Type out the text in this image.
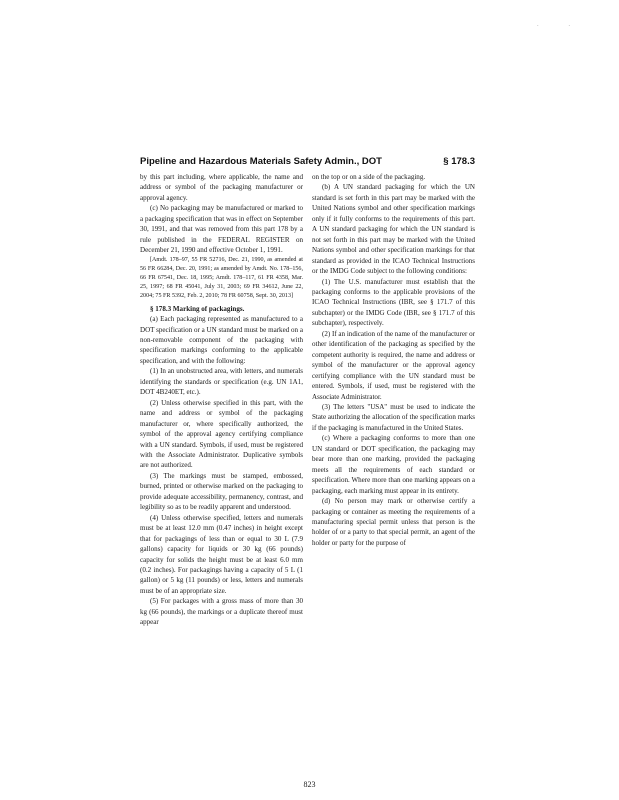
. .
Pipeline and Hazardous Materials Safety Admin., DOT	§ 178.3

by this part including, where applicable, the name and address or symbol of the packaging manufacturer or approval agency.

(c) No packaging may be manufactured or marked to a packaging specification that was in effect on September 30, 1991, and that was removed from this part 178 by a rule published in the FEDERAL REGISTER on December 21, 1990 and effective October 1, 1991.

[Amdt. 178–97, 55 FR 52716, Dec. 21, 1990, as amended at 56 FR 66284, Dec. 20, 1991; as amended by Amdt. No. 178–156, 66 FR 67541, Dec. 18, 1995; Amdt. 178–117, 61 FR 4358, Mar. 25, 1997; 68 FR 45041, July 31, 2003; 69 FR 34612, June 22, 2004; 75 FR 5392, Feb. 2, 2010; 78 FR 60758, Sept. 30, 2013]

§ 178.3 Marking of packagings.

(a) Each packaging represented as manufactured to a DOT specification or a UN standard must be marked on a non-removable component of the packaging with specification markings conforming to the applicable specification, and with the following:

(1) In an unobstructed area, with letters, and numerals identifying the standards or specification (e.g. UN 1A1, DOT 4B240ET, etc.).

(2) Unless otherwise specified in this part, with the name and address or symbol of the packaging manufacturer or, where specifically authorized, the symbol of the approval agency certifying compliance with a UN standard. Symbols, if used, must be registered with the Associate Administrator. Duplicative symbols are not authorized.

(3) The markings must be stamped, embossed, burned, printed or otherwise marked on the packaging to provide adequate accessibility, permanency, contrast, and legibility so as to be readily apparent and understood.

(4) Unless otherwise specified, letters and numerals must be at least 12.0 mm (0.47 inches) in height except that for packagings of less than or equal to 30 L (7.9 gallons) capacity for liquids or 30 kg (66 pounds) capacity for solids the height must be at least 6.0 mm (0.2 inches). For packagings having a capacity of 5 L (1 gallon) or 5 kg (11 pounds) or less, letters and numerals must be of an appropriate size.

(5) For packages with a gross mass of more than 30 kg (66 pounds), the markings or a duplicate thereof must appear

on the top or on a side of the packaging.

(b) A UN standard packaging for which the UN standard is set forth in this part may be marked with the United Nations symbol and other specification markings only if it fully conforms to the requirements of this part. A UN standard packaging for which the UN standard is not set forth in this part may be marked with the United Nations symbol and other specification markings for that standard as provided in the ICAO Technical Instructions or the IMDG Code subject to the following conditions:

(1) The U.S. manufacturer must establish that the packaging conforms to the applicable provisions of the ICAO Technical Instructions (IBR, see § 171.7 of this subchapter) or the IMDG Code (IBR, see § 171.7 of this subchapter), respectively.

(2) If an indication of the name of the manufacturer or other identification of the packaging as specified by the competent authority is required, the name and address or symbol of the manufacturer or the approval agency certifying compliance with the UN standard must be entered. Symbols, if used, must be registered with the Associate Administrator.

(3) The letters "USA" must be used to indicate the State authorizing the allocation of the specification marks if the packaging is manufactured in the United States.

(c) Where a packaging conforms to more than one UN standard or DOT specification, the packaging may bear more than one marking, provided the packaging meets all the requirements of each standard or specification. Where more than one marking appears on a packaging, each marking must appear in its entirety.

(d) No person may mark or otherwise certify a packaging or container as meeting the requirements of a manufacturing special permit unless that person is the holder of or a party to that special permit, an agent of the holder or party for the purpose of

823
